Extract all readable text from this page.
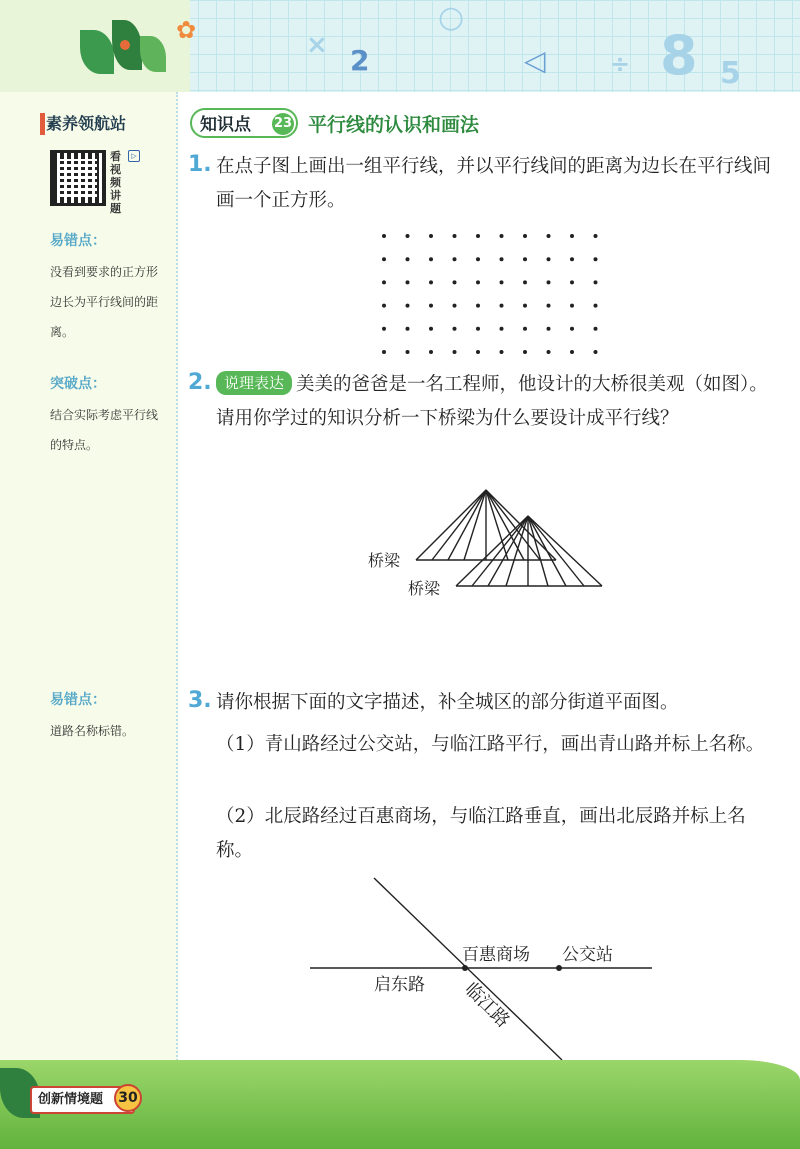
○
× 2	◁	÷ 8 5
✿
素养领航站
看视频讲题
▷
易错点：
没看到要求的正方形边长为平行线间的距离。
突破点：
结合实际考虑平行线的特点。
易错点：
道路名称标错。
知识点 23 平行线的认识和画法
1. 在点子图上画出一组平行线，并以平行线间的距离为边长在平行线间画一个正方形。
2. 说理表达 美美的爸爸是一名工程师，他设计的大桥很美观（如图）。请用你学过的知识分析一下桥梁为什么要设计成平行线？
桥梁
桥梁
3. 请你根据下面的文字描述，补全城区的部分街道平面图。
（1）青山路经过公交站，与临江路平行，画出青山路并标上名称。
（2）北辰路经过百惠商场，与临江路垂直，画出北辰路并标上名称。
百惠商场 公交站
启东路 临江路
创新情境题	30
